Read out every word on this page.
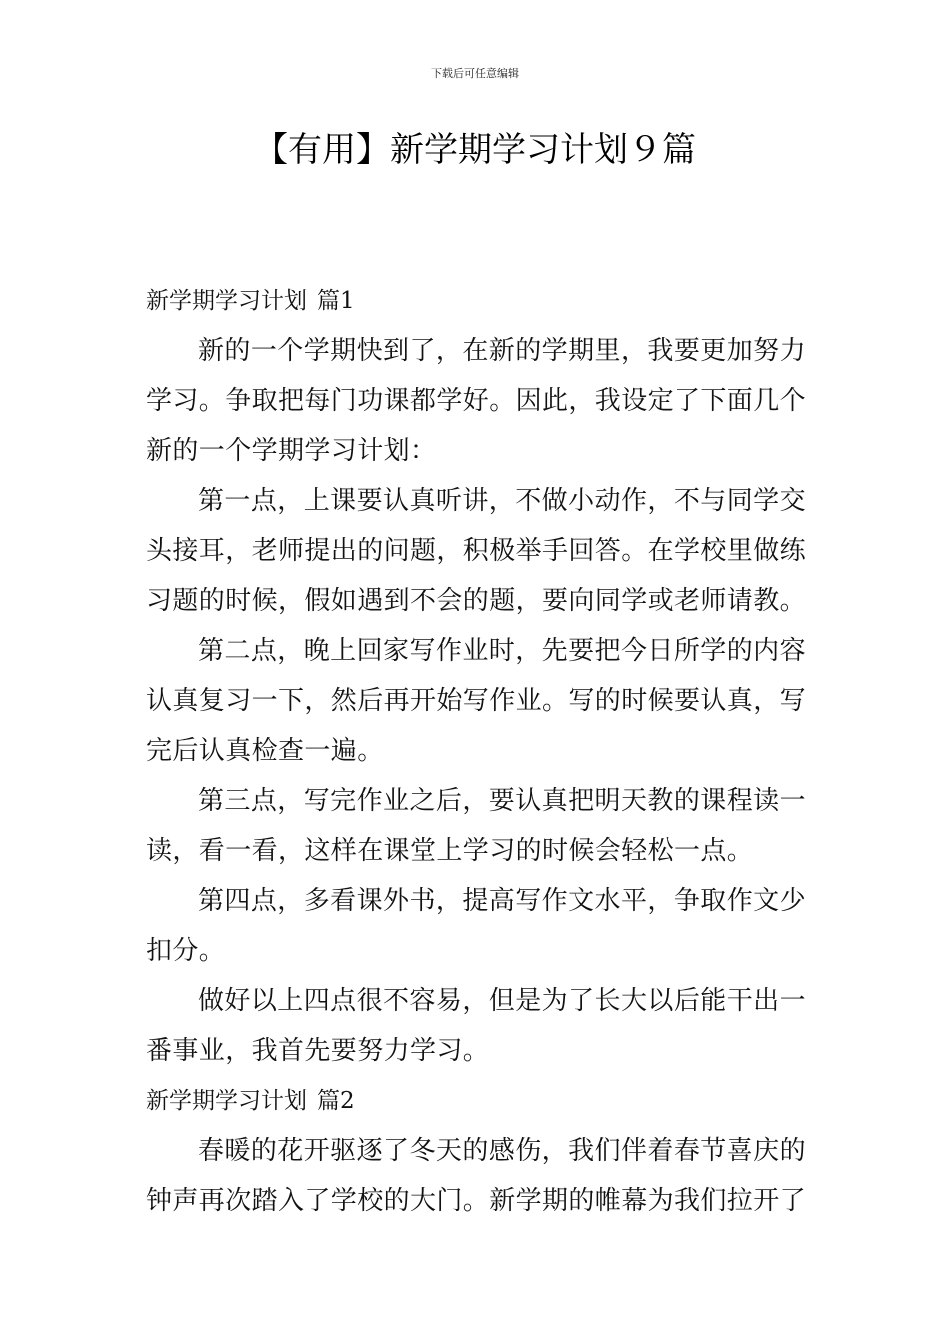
下载后可任意编辑
【有用】新学期学习计划９篇
新学期学习计划 篇1

新的一个学期快到了，在新的学期里，我要更加努力学习。争取把每门功课都学好。因此，我设定了下面几个新的一个学期学习计划：

第一点，上课要认真听讲，不做小动作，不与同学交头接耳，老师提出的问题，积极举手回答。在学校里做练习题的时候，假如遇到不会的题，要向同学或老师请教。

第二点，晚上回家写作业时，先要把今日所学的内容认真复习一下，然后再开始写作业。写的时候要认真，写完后认真检查一遍。

第三点，写完作业之后，要认真把明天教的课程读一读，看一看，这样在课堂上学习的时候会轻松一点。

第四点，多看课外书，提高写作文水平，争取作文少扣分。

做好以上四点很不容易，但是为了长大以后能干出一番事业，我首先要努力学习。

新学期学习计划 篇2

春暖的花开驱逐了冬天的感伤，我们伴着春节喜庆的钟声再次踏入了学校的大门。新学期的帷幕为我们拉开了
